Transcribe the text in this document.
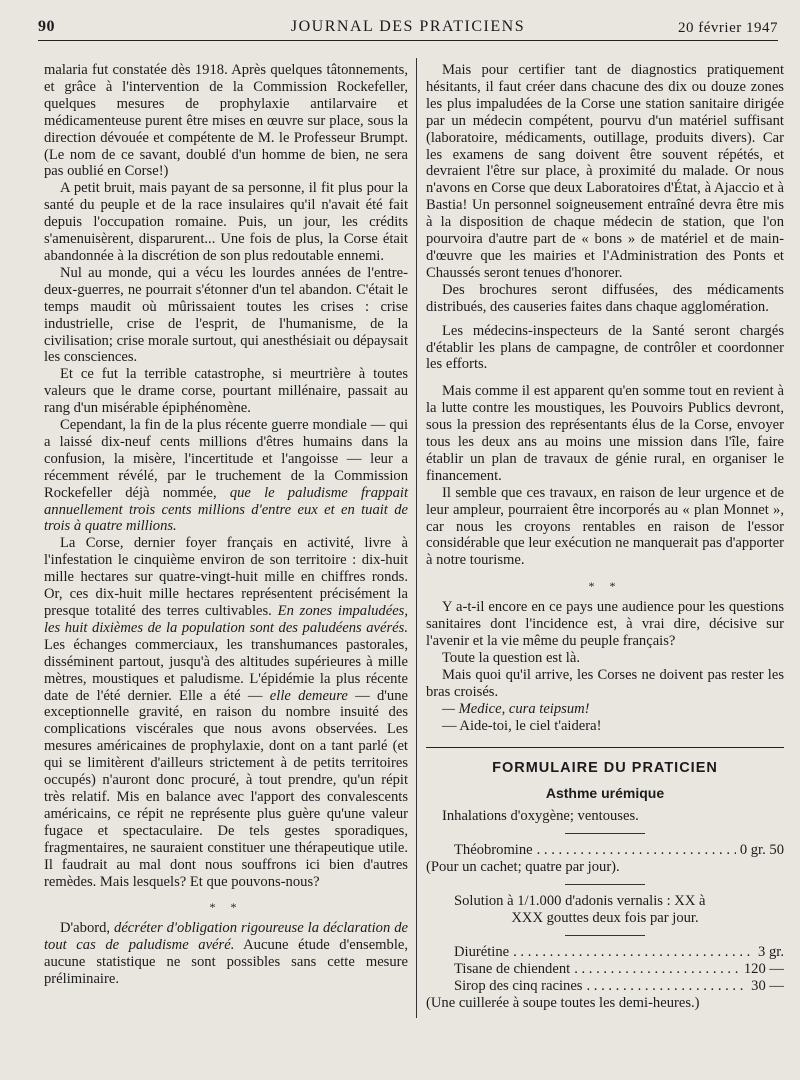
90	JOURNAL DES PRATICIENS	20 février 1947

malaria fut constatée dès 1918. Après quelques tâtonnements, et grâce à l'intervention de la Commission Rockefeller, quelques mesures de prophylaxie antilarvaire et médicamenteuse purent être mises en œuvre sur place, sous la direction dévouée et compétente de M. le Professeur Brumpt. (Le nom de ce savant, doublé d'un homme de bien, ne sera pas oublié en Corse!)

A petit bruit, mais payant de sa personne, il fit plus pour la santé du peuple et de la race insulaires qu'il n'avait été fait depuis l'occupation romaine. Puis, un jour, les crédits s'amenuisèrent, disparurent... Une fois de plus, la Corse était abandonnée à la discrétion de son plus redoutable ennemi.

Nul au monde, qui a vécu les lourdes années de l'entre-deux-guerres, ne pourrait s'étonner d'un tel abandon. C'était le temps maudit où mûrissaient toutes les crises : crise industrielle, crise de l'esprit, de l'humanisme, de la civilisation; crise morale surtout, qui anesthésiait ou dépaysait les consciences.

Et ce fut la terrible catastrophe, si meurtrière à toutes valeurs que le drame corse, pourtant millénaire, passait au rang d'un misérable épiphénomène.

Cependant, la fin de la plus récente guerre mondiale — qui a laissé dix-neuf cents millions d'êtres humains dans la confusion, la misère, l'incertitude et l'angoisse — leur a récemment révélé, par le truchement de la Commission Rockefeller déjà nommée, que le paludisme frappait annuellement trois cents millions d'entre eux et en tuait de trois à quatre millions.

La Corse, dernier foyer français en activité, livre à l'infestation le cinquième environ de son territoire : dix-huit mille hectares sur quatre-vingt-huit mille en chiffres ronds. Or, ces dix-huit mille hectares représentent précisément la presque totalité des terres cultivables. En zones impaludées, les huit dixièmes de la population sont des paludéens avérés. Les échanges commerciaux, les transhumances pastorales, disséminent partout, jusqu'à des altitudes supérieures à mille mètres, moustiques et paludisme. L'épidémie la plus récente date de l'été dernier. Elle a été — elle demeure — d'une exceptionnelle gravité, en raison du nombre insuité des complications viscérales que nous avons observées. Les mesures américaines de prophylaxie, dont on a tant parlé (et qui se limitèrent d'ailleurs strictement à de petits territoires occupés) n'auront donc procuré, à tout prendre, qu'un répit très relatif. Mis en balance avec l'apport des convalescents américains, ce répit ne représente plus guère qu'une valeur fugace et spectaculaire. De tels gestes sporadiques, fragmentaires, ne sauraient constituer une thérapeutique utile. Il faudrait au mal dont nous souffrons ici bien d'autres remèdes. Mais lesquels? Et que pouvons-nous?

* *

D'abord, décréter d'obligation rigoureuse la déclaration de tout cas de paludisme avéré. Aucune étude d'ensemble, aucune statistique ne sont possibles sans cette mesure préliminaire.

Mais pour certifier tant de diagnostics pratiquement hésitants, il faut créer dans chacune des dix ou douze zones les plus impaludées de la Corse une station sanitaire dirigée par un médecin compétent, pourvu d'un matériel suffisant (laboratoire, médicaments, outillage, produits divers). Car les examens de sang doivent être souvent répétés, et devraient l'être sur place, à proximité du malade. Or nous n'avons en Corse que deux Laboratoires d'État, à Ajaccio et à Bastia! Un personnel soigneusement entraîné devra être mis à la disposition de chaque médecin de station, que l'on pourvoira d'autre part de « bons » de matériel et de main-d'œuvre que les mairies et l'Administration des Ponts et Chaussés seront tenues d'honorer.

Des brochures seront diffusées, des médicaments distribués, des causeries faites dans chaque agglomération.

Les médecins-inspecteurs de la Santé seront chargés d'établir les plans de campagne, de contrôler et coordonner les efforts.

Mais comme il est apparent qu'en somme tout en revient à la lutte contre les moustiques, les Pouvoirs Publics devront, sous la pression des représentants élus de la Corse, envoyer tous les deux ans au moins une mission dans l'île, faire établir un plan de travaux de génie rural, en organiser le financement.

Il semble que ces travaux, en raison de leur urgence et de leur ampleur, pourraient être incorporés au « plan Monnet », car nous les croyons rentables en raison de l'essor considérable que leur exécution ne manquerait pas d'apporter à notre tourisme.

* *

Y a-t-il encore en ce pays une audience pour les questions sanitaires dont l'incidence est, à vrai dire, décisive sur l'avenir et la vie même du peuple français?

Toute la question est là.

Mais quoi qu'il arrive, les Corses ne doivent pas rester les bras croisés.

— Medice, cura teipsum!

— Aide-toi, le ciel t'aidera!

FORMULAIRE DU PRATICIEN
Asthme urémique

Inhalations d'oxygène; ventouses.

Théobromine . . .	0 gr. 50

(Pour un cachet; quatre par jour).

Solution à 1/1.000 d'adonis vernalis : XX à

XXX gouttes deux fois par jour.

Diurétine . . .	3 gr.
Tisane de chiendent . . .	120 —
Sirop des cinq racines . . .	30 —

(Une cuillerée à soupe toutes les demi-heures.)
